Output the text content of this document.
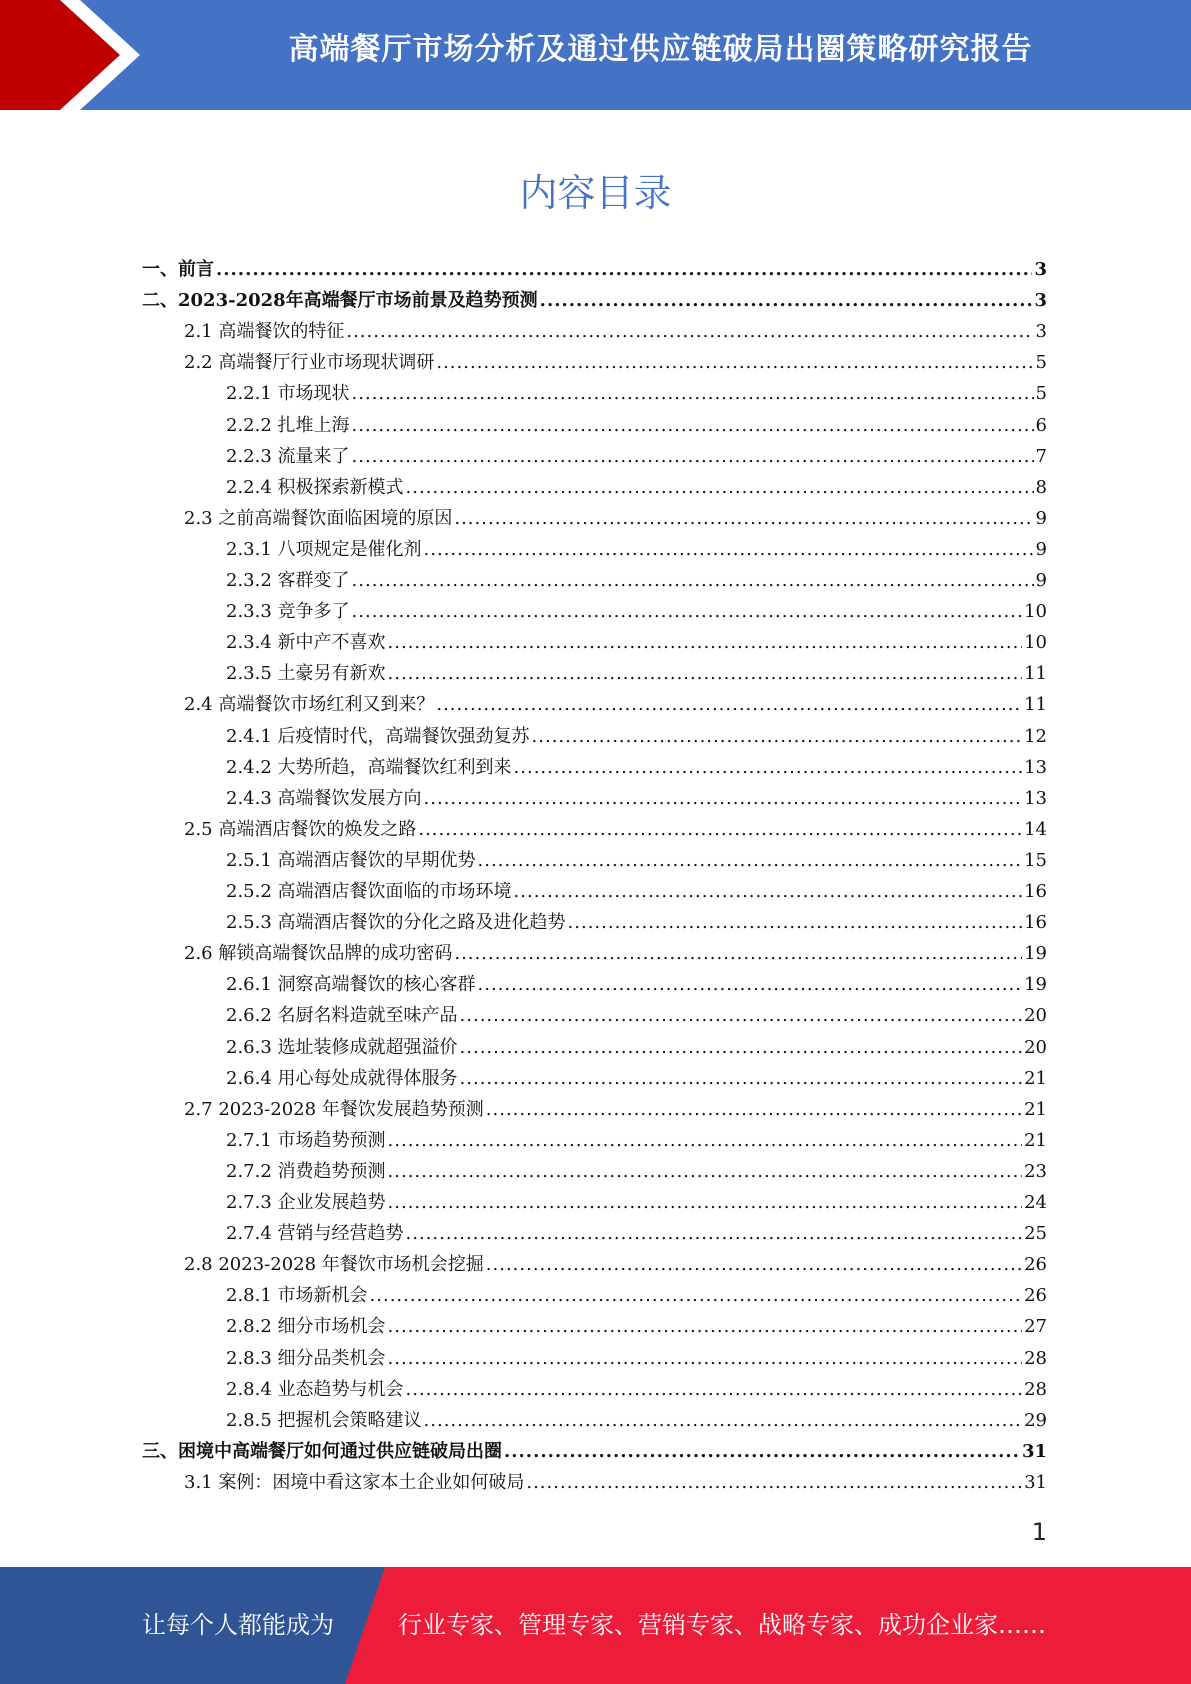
高端餐厅市场分析及通过供应链破局出圈策略研究报告
内容目录
一、 前言 .....	3
二、 2023-2028年高端餐厅市场前景及趋势预测 .....	3
2.1 高端餐饮的特征 .....	3
2.2 高端餐厅行业市场现状调研 .....	5
2.2.1 市场现状 .....	5
2.2.2 扎堆上海 .....	6
2.2.3 流量来了 .....	7
2.2.4 积极探索新模式 .....	8
2.3 之前高端餐饮面临困境的原因 .....	9
2.3.1 八项规定是催化剂 .....	9
2.3.2 客群变了 .....	9
2.3.3 竞争多了 .....	10
2.3.4 新中产不喜欢 .....	10
2.3.5 土豪另有新欢 .....	11
2.4 高端餐饮市场红利又到来？ .....	11
2.4.1 后疫情时代，高端餐饮强劲复苏 .....	12
2.4.2 大势所趋，高端餐饮红利到来 .....	13
2.4.3 高端餐饮发展方向 .....	13
2.5 高端酒店餐饮的焕发之路 .....	14
2.5.1 高端酒店餐饮的早期优势 .....	15
2.5.2 高端酒店餐饮面临的市场环境 .....	16
2.5.3 高端酒店餐饮的分化之路及进化趋势 .....	16
2.6 解锁高端餐饮品牌的成功密码 .....	19
2.6.1 洞察高端餐饮的核心客群 .....	19
2.6.2 名厨名料造就至味产品 .....	20
2.6.3 选址装修成就超强溢价 .....	20
2.6.4 用心每处成就得体服务 .....	21
2.7 2023-2028 年餐饮发展趋势预测 .....	21
2.7.1 市场趋势预测 .....	21
2.7.2 消费趋势预测 .....	23
2.7.3 企业发展趋势 .....	24
2.7.4 营销与经营趋势 .....	25
2.8 2023-2028 年餐饮市场机会挖掘 .....	26
2.8.1 市场新机会 .....	26
2.8.2 细分市场机会 .....	27
2.8.3 细分品类机会 .....	28
2.8.4 业态趋势与机会 .....	28
2.8.5 把握机会策略建议 .....	29
三、 困境中高端餐厅如何通过供应链破局出圈 .....	31
3.1 案例：困境中看这家本土企业如何破局 .....	31
1
让每个人都能成为	行业专家、管理专家、营销专家、战略专家、成功企业家……
